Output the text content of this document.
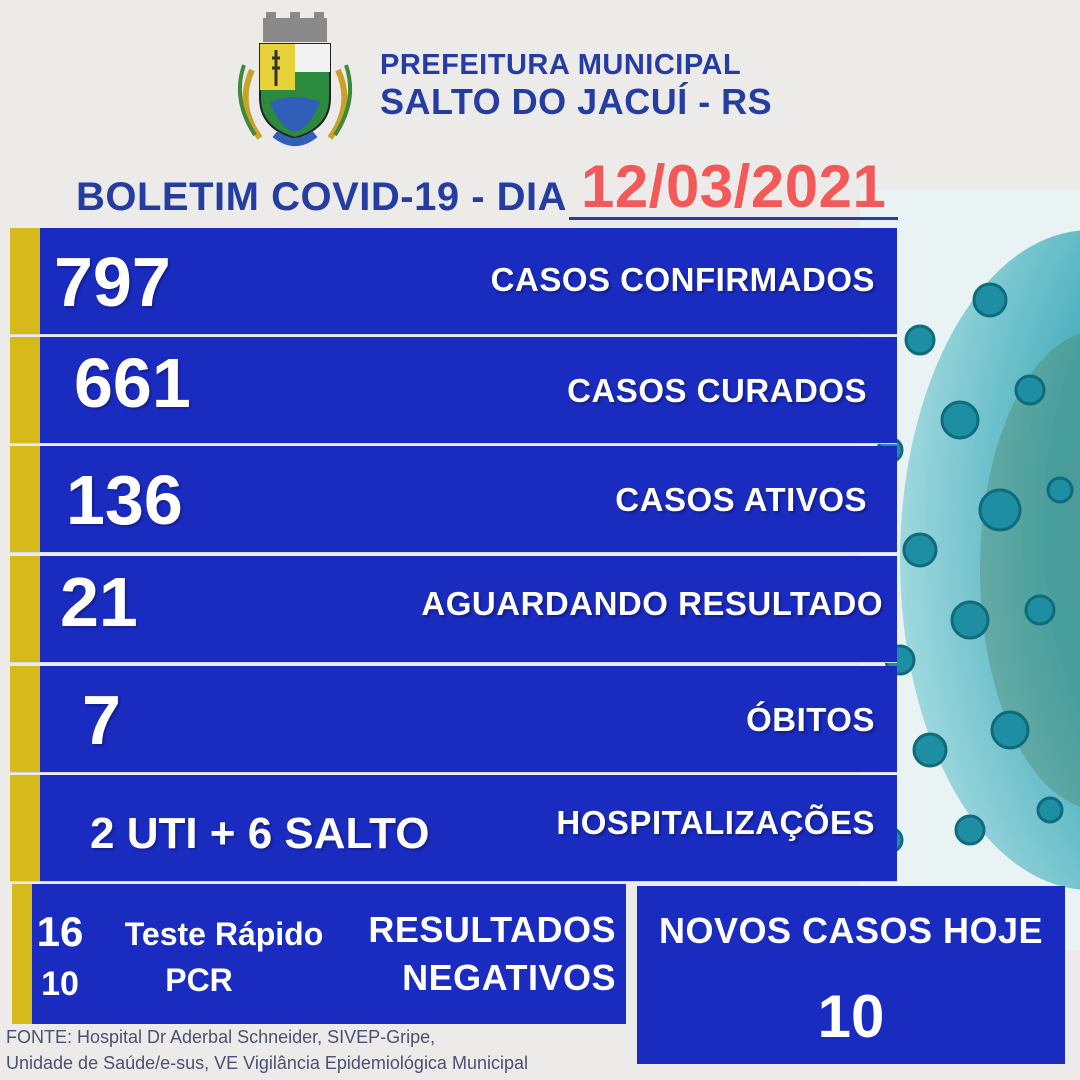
PREFEITURA MUNICIPAL
SALTO DO JACUÍ - RS
BOLETIM COVID-19 - DIA 12/03/2021
797	CASOS CONFIRMADOS
661	CASOS CURADOS
136	CASOS ATIVOS
21	AGUARDANDO RESULTADO
7	ÓBITOS
2 UTI + 6 SALTO	HOSPITALIZAÇÕES
16	Teste Rápido
10	PCR
RESULTADOS
NEGATIVOS
NOVOS CASOS HOJE
10
FONTE: Hospital Dr Aderbal Schneider, SIVEP-Gripe,
Unidade de Saúde/e-sus, VE Vigilância Epidemiológica Municipal
